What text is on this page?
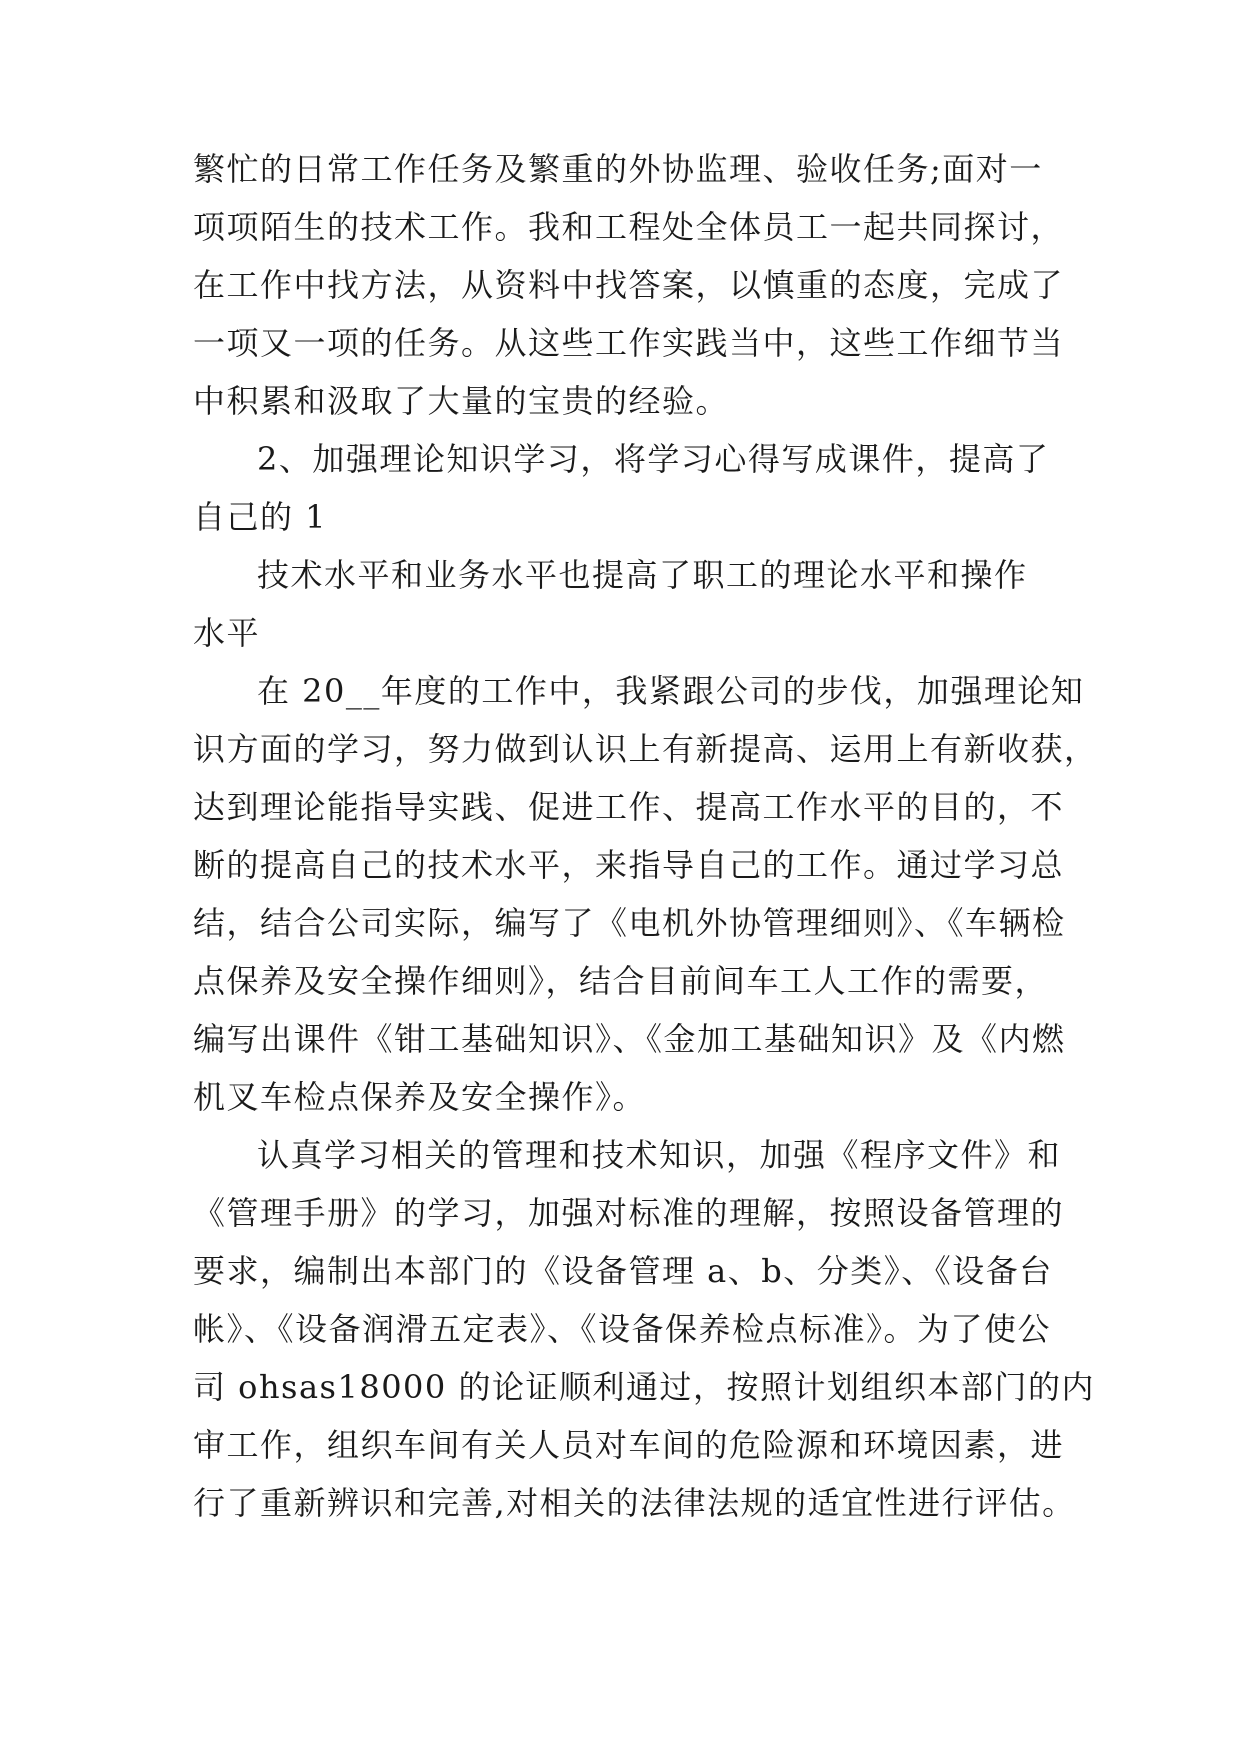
繁忙的日常工作任务及繁重的外协监理、验收任务;面对一
项项陌生的技术工作。我和工程处全体员工一起共同探讨，
在工作中找方法，从资料中找答案，以慎重的态度，完成了
一项又一项的任务。从这些工作实践当中，这些工作细节当
中积累和汲取了大量的宝贵的经验。

2、加强理论知识学习，将学习心得写成课件，提高了
自己的 1

技术水平和业务水平也提高了职工的理论水平和操作
水平

在 20__年度的工作中，我紧跟公司的步伐，加强理论知
识方面的学习，努力做到认识上有新提高、运用上有新收获，
达到理论能指导实践、促进工作、提高工作水平的目的，不
断的提高自己的技术水平，来指导自己的工作。通过学习总
结，结合公司实际，编写了《电机外协管理细则》、《车辆检
点保养及安全操作细则》，结合目前间车工人工作的需要，
编写出课件《钳工基础知识》、《金加工基础知识》及《内燃
机叉车检点保养及安全操作》。

认真学习相关的管理和技术知识，加强《程序文件》和
《管理手册》的学习，加强对标准的理解，按照设备管理的
要求，编制出本部门的《设备管理 a、b、分类》、《设备台
帐》、《设备润滑五定表》、《设备保养检点标准》。为了使公
司 ohsas18000 的论证顺利通过，按照计划组织本部门的内
审工作，组织车间有关人员对车间的危险源和环境因素，进
行了重新辨识和完善,对相关的法律法规的适宜性进行评估。
